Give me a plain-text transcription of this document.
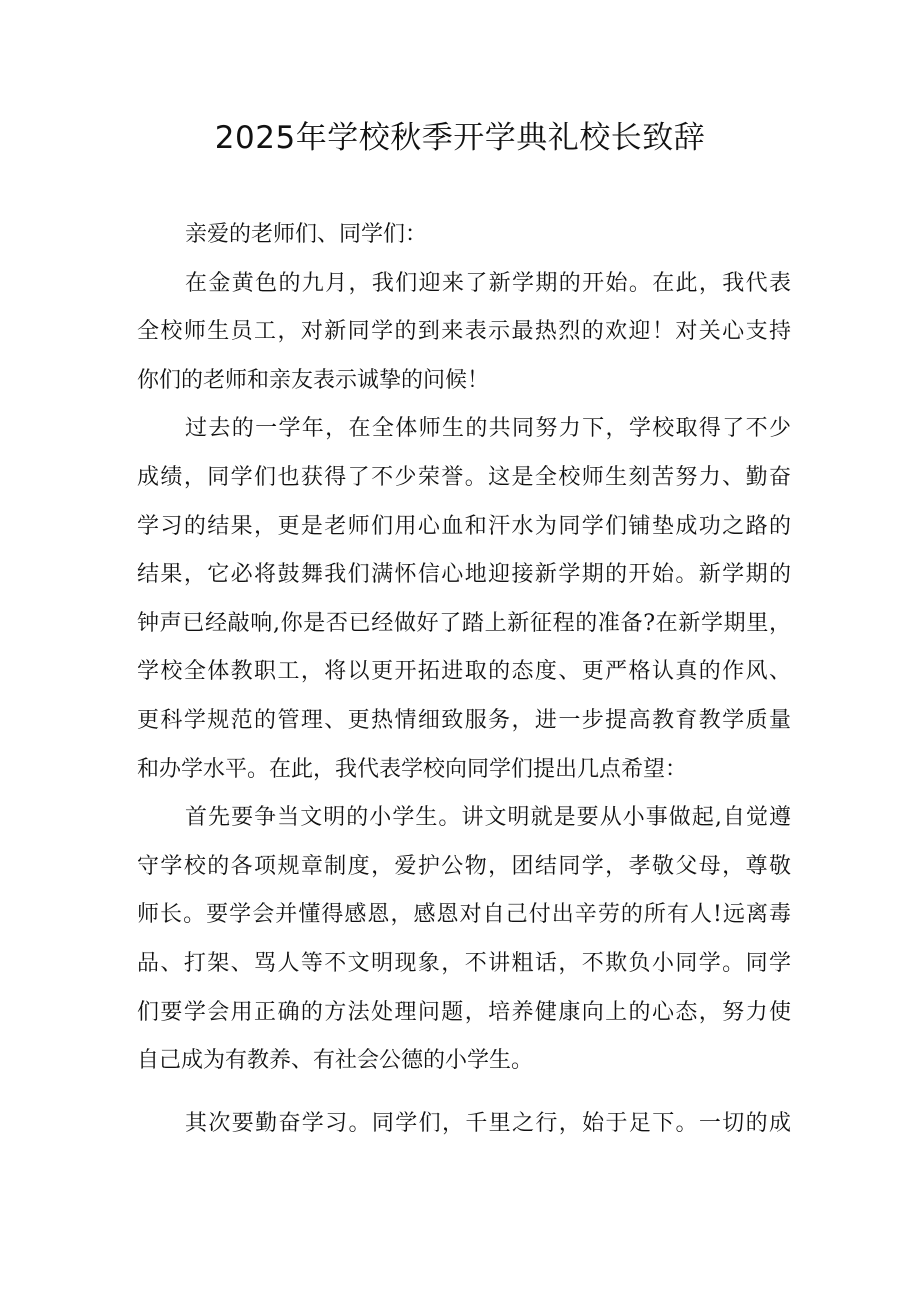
2025年学校秋季开学典礼校长致辞
亲爱的老师们、同学们：
在金黄色的九月，我们迎来了新学期的开始。在此，我代表
全校师生员工，对新同学的到来表示最热烈的欢迎！对关心支持
你们的老师和亲友表示诚挚的问候！
过去的一学年，在全体师生的共同努力下，学校取得了不少
成绩，同学们也获得了不少荣誉。这是全校师生刻苦努力、勤奋
学习的结果，更是老师们用心血和汗水为同学们铺垫成功之路的
结果，它必将鼓舞我们满怀信心地迎接新学期的开始。新学期的
钟声已经敲响,你是否已经做好了踏上新征程的准备?在新学期里，
学校全体教职工，将以更开拓进取的态度、更严格认真的作风、
更科学规范的管理、更热情细致服务，进一步提高教育教学质量
和办学水平。在此，我代表学校向同学们提出几点希望：
首先要争当文明的小学生。讲文明就是要从小事做起,自觉遵
守学校的各项规章制度，爱护公物，团结同学，孝敬父母，尊敬
师长。要学会并懂得感恩，感恩对自己付出辛劳的所有人!远离毒
品、打架、骂人等不文明现象，不讲粗话，不欺负小同学。同学
们要学会用正确的方法处理问题，培养健康向上的心态，努力使
自己成为有教养、有社会公德的小学生。
其次要勤奋学习。同学们，千里之行，始于足下。一切的成
